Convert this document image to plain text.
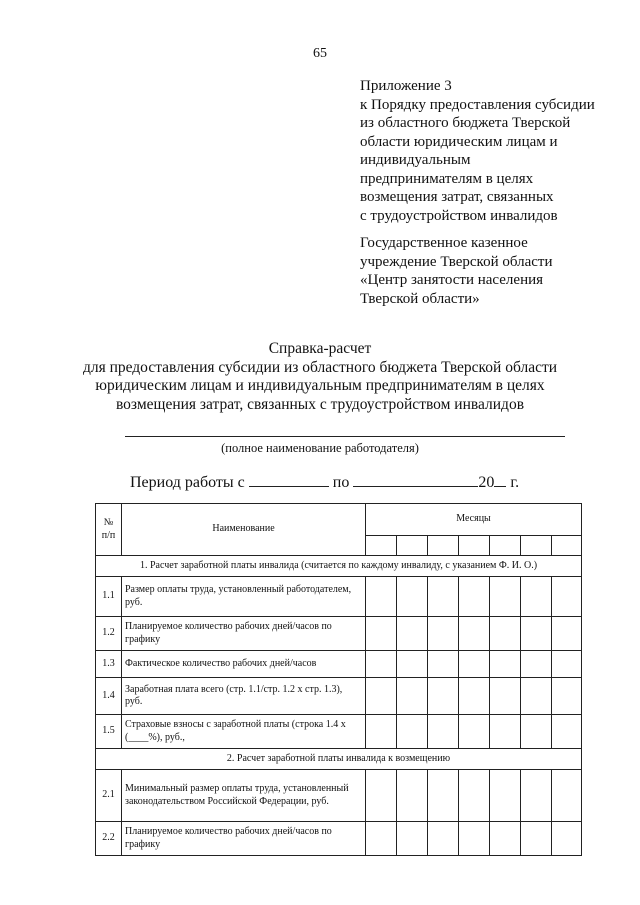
65
Приложение 3
к Порядку предоставления субсидии
из областного бюджета Тверской
области юридическим лицам и
индивидуальным
предпринимателям в целях
возмещения затрат, связанных
с трудоустройством инвалидов
Государственное казенное
учреждение Тверской области
«Центр занятости населения
Тверской области»
Справка-расчет
для предоставления субсидии из областного бюджета Тверской области
юридическим лицам и индивидуальным предпринимателям в целях
возмещения затрат, связанных с трудоустройством инвалидов
(полное наименование работодателя)
Период работы с	по	20 г.
№ п/п	Наименование	Месяцы						

1. Расчет заработной платы инвалида (считается по каждому инвалиду, с указанием Ф. И. О.)								
1.1	Размер оплаты труда, установленный работодателем, руб.							
1.2	Планируемое количество рабочих дней/часов по графику							
1.3	Фактическое количество рабочих дней/часов							
1.4	Заработная плата всего (стр. 1.1/стр. 1.2 х стр. 1.3), руб.							
1.5	Страховые взносы с заработной платы (строка 1.4 х (____%), руб.,							
2. Расчет заработной платы инвалида к возмещению								
2.1	Минимальный размер оплаты труда, установленный законодательством Российской Федерации, руб.							
2.2	Планируемое количество рабочих дней/часов по графику							
